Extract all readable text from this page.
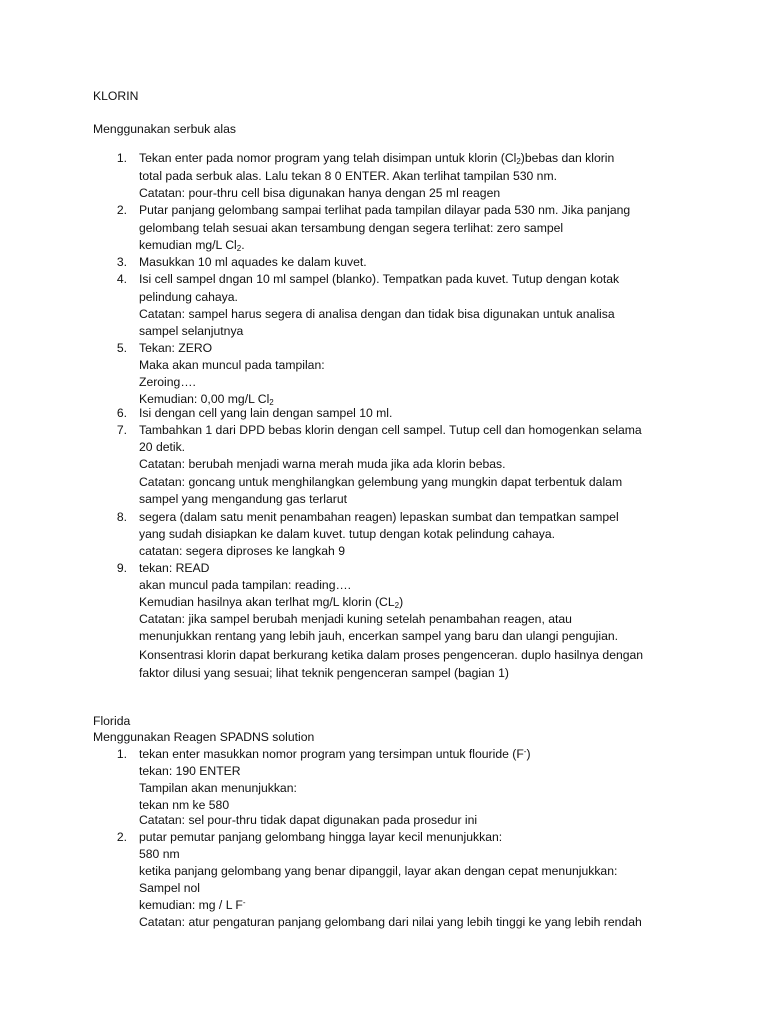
KLORIN
Menggunakan serbuk alas
1. Tekan enter pada nomor program yang telah disimpan untuk klorin $(Cl_2)bebas$ dan klorin
total pada serbuk alas. Lalu tekan 8 0 ENTER. Akan terlihat tampilan 530 nm.
Catatan: pour-thru cell bisa digunakan hanya dengan 25 ml reagen
2. Putar panjang gelombang sampai terlihat pada tampilan dilayar pada 530 nm. Jika panjang
gelombang telah sesuai akan tersambung dengan segera terlihat: zero sampel
kemudian mg/L $Cl_2$.
3. Masukkan 10 ml aquades ke dalam kuvet.
4. Isi cell sampel dngan 10 ml sampel (blanko). Tempatkan pada kuvet. Tutup dengan kotak
pelindung cahaya.
Catatan: sampel harus segera di analisa dengan dan tidak bisa digunakan untuk analisa
sampel selanjutnya
5. Tekan: ZERO
Maka akan muncul pada tampilan:
Zeroing….
Kemudian: 0,00 mg/L $Cl_2$
6. Isi dengan cell yang lain dengan sampel 10 ml.
7. Tambahkan 1 dari DPD bebas klorin dengan cell sampel. Tutup cell dan homogenkan selama
20 detik.
Catatan: berubah menjadi warna merah muda jika ada klorin bebas.
Catatan: goncang untuk menghilangkan gelembung yang mungkin dapat terbentuk dalam
sampel yang mengandung gas terlarut
8. segera (dalam satu menit penambahan reagen) lepaskan sumbat dan tempatkan sampel
yang sudah disiapkan ke dalam kuvet. tutup dengan kotak pelindung cahaya.
catatan: segera diproses ke langkah 9
9. tekan: READ
akan muncul pada tampilan: reading….
Kemudian hasilnya akan terlhat mg/L klorin $(CL_2)$
Catatan: jika sampel berubah menjadi kuning setelah penambahan reagen, atau
menunjukkan rentang yang lebih jauh, encerkan sampel yang baru dan ulangi pengujian.
Konsentrasi klorin dapat berkurang ketika dalam proses pengenceran. duplo hasilnya dengan
faktor dilusi yang sesuai; lihat teknik pengenceran sampel (bagian 1)
Florida
Menggunakan Reagen SPADNS solution
1. tekan enter masukkan nomor program yang tersimpan untuk flouride (F-)
tekan: 190 ENTER
Tampilan akan menunjukkan:
tekan nm ke 580
Catatan: sel pour-thru tidak dapat digunakan pada prosedur ini
2. putar pemutar panjang gelombang hingga layar kecil menunjukkan:
580 nm
ketika panjang gelombang yang benar dipanggil, layar akan dengan cepat menunjukkan:
Sampel nol
kemudian: mg / L F-
Catatan: atur pengaturan panjang gelombang dari nilai yang lebih tinggi ke yang lebih rendah
